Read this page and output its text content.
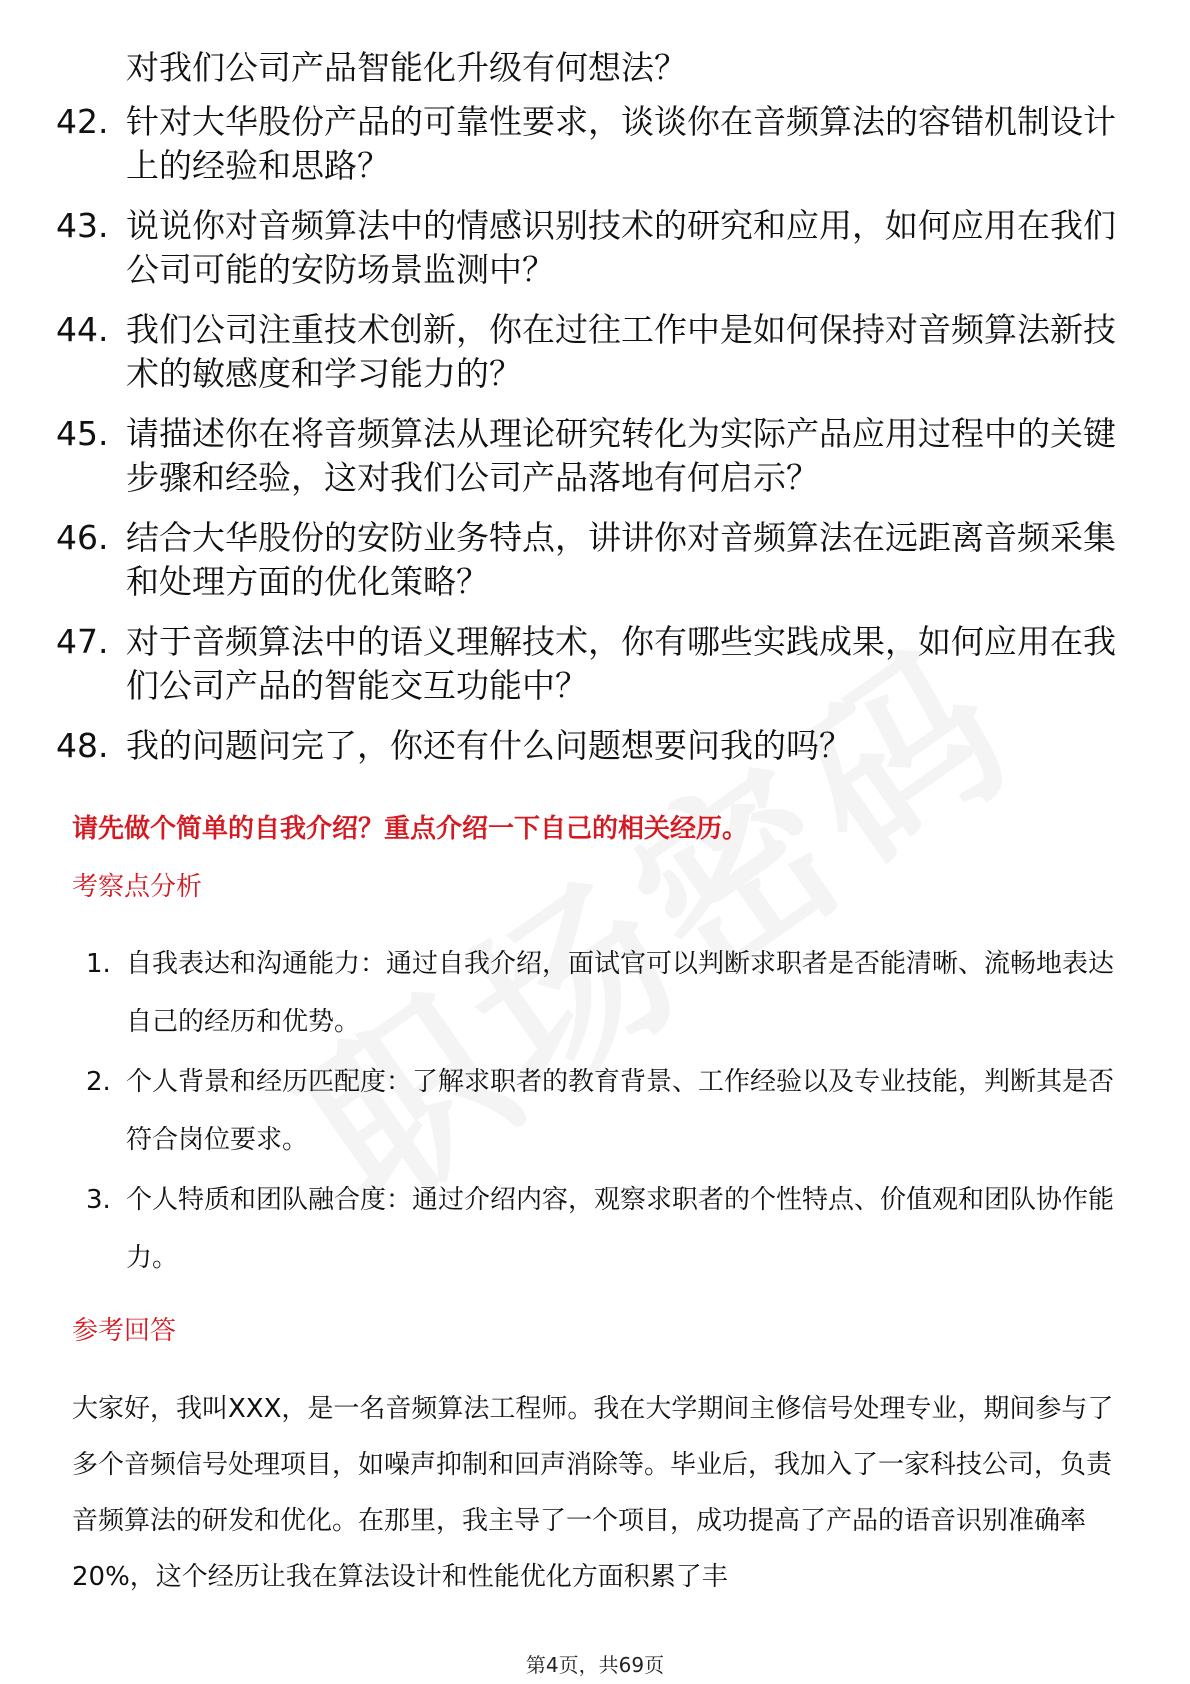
对我们公司产品智能化升级有何想法？
42. 针对大华股份产品的可靠性要求，谈谈你在音频算法的容错机制设计上的经验和思路？
43. 说说你对音频算法中的情感识别技术的研究和应用，如何应用在我们公司可能的安防场景监测中？
44. 我们公司注重技术创新，你在过往工作中是如何保持对音频算法新技术的敏感度和学习能力的？
45. 请描述你在将音频算法从理论研究转化为实际产品应用过程中的关键步骤和经验，这对我们公司产品落地有何启示？
46. 结合大华股份的安防业务特点，讲讲你对音频算法在远距离音频采集和处理方面的优化策略？
47. 对于音频算法中的语义理解技术，你有哪些实践成果，如何应用在我们公司产品的智能交互功能中？
48. 我的问题问完了，你还有什么问题想要问我的吗？
请先做个简单的自我介绍？重点介绍一下自己的相关经历。
考察点分析
1. 自我表达和沟通能力：通过自我介绍，面试官可以判断求职者是否能清晰、流畅地表达自己的经历和优势。
2. 个人背景和经历匹配度：了解求职者的教育背景、工作经验以及专业技能，判断其是否符合岗位要求。
3. 个人特质和团队融合度：通过介绍内容，观察求职者的个性特点、价值观和团队协作能力。
参考回答
大家好，我叫XXX，是一名音频算法工程师。我在大学期间主修信号处理专业，期间参与了多个音频信号处理项目，如噪声抑制和回声消除等。毕业后，我加入了一家科技公司，负责音频算法的研发和优化。在那里，我主导了一个项目，成功提高了产品的语音识别准确率20%，这个经历让我在算法设计和性能优化方面积累了丰
第4页，共69页
